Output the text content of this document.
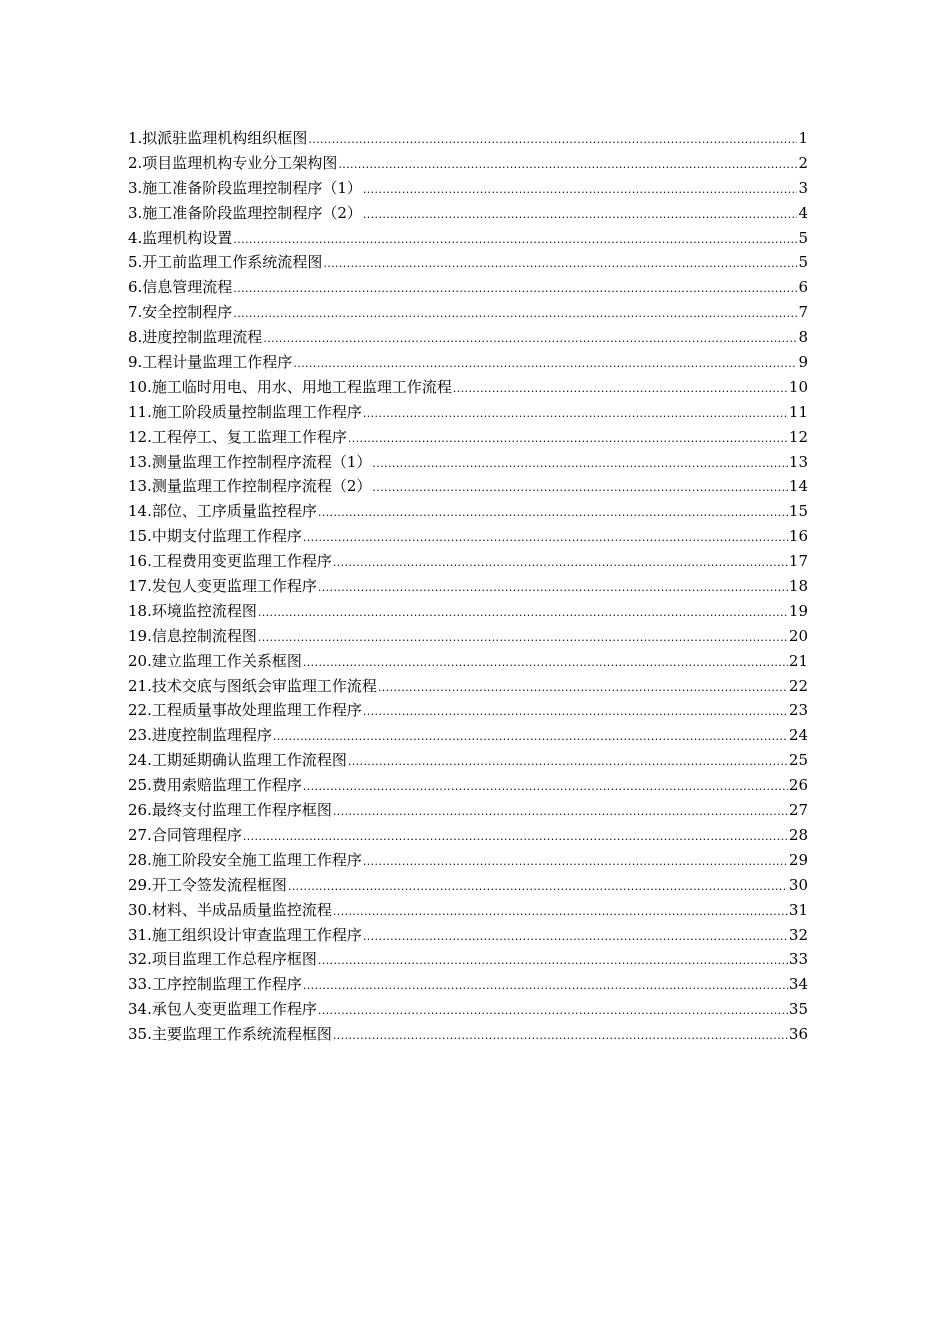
1.拟派驻监理机构组织框图 .....	1
2.项目监理机构专业分工架构图 .....	2
3.施工准备阶段监理控制程序（1） .....	3
3.施工准备阶段监理控制程序（2） .....	4
4.监理机构设置 .....	5
5.开工前监理工作系统流程图 .....	5
6.信息管理流程 .....	6
7.安全控制程序 .....	7
8.进度控制监理流程 .....	8
9.工程计量监理工作程序 .....	9
10.施工临时用电、用水、用地工程监理工作流程 .....	10
11.施工阶段质量控制监理工作程序 .....	11
12.工程停工、复工监理工作程序 .....	12
13.测量监理工作控制程序流程（1） .....	13
13.测量监理工作控制程序流程（2） .....	14
14.部位、工序质量监控程序 .....	15
15.中期支付监理工作程序 .....	16
16.工程费用变更监理工作程序 .....	17
17.发包人变更监理工作程序 .....	18
18.环境监控流程图 .....	19
19.信息控制流程图 .....	20
20.建立监理工作关系框图 .....	21
21.技术交底与图纸会审监理工作流程 .....	22
22.工程质量事故处理监理工作程序 .....	23
23.进度控制监理程序 .....	24
24.工期延期确认监理工作流程图 .....	25
25.费用索赔监理工作程序 .....	26
26.最终支付监理工作程序框图 .....	27
27.合同管理程序 .....	28
28.施工阶段安全施工监理工作程序 .....	29
29.开工令签发流程框图 .....	30
30.材料、半成品质量监控流程 .....	31
31.施工组织设计审查监理工作程序 .....	32
32.项目监理工作总程序框图 .....	33
33.工序控制监理工作程序 .....	34
34.承包人变更监理工作程序 .....	35
35.主要监理工作系统流程框图 .....	36
